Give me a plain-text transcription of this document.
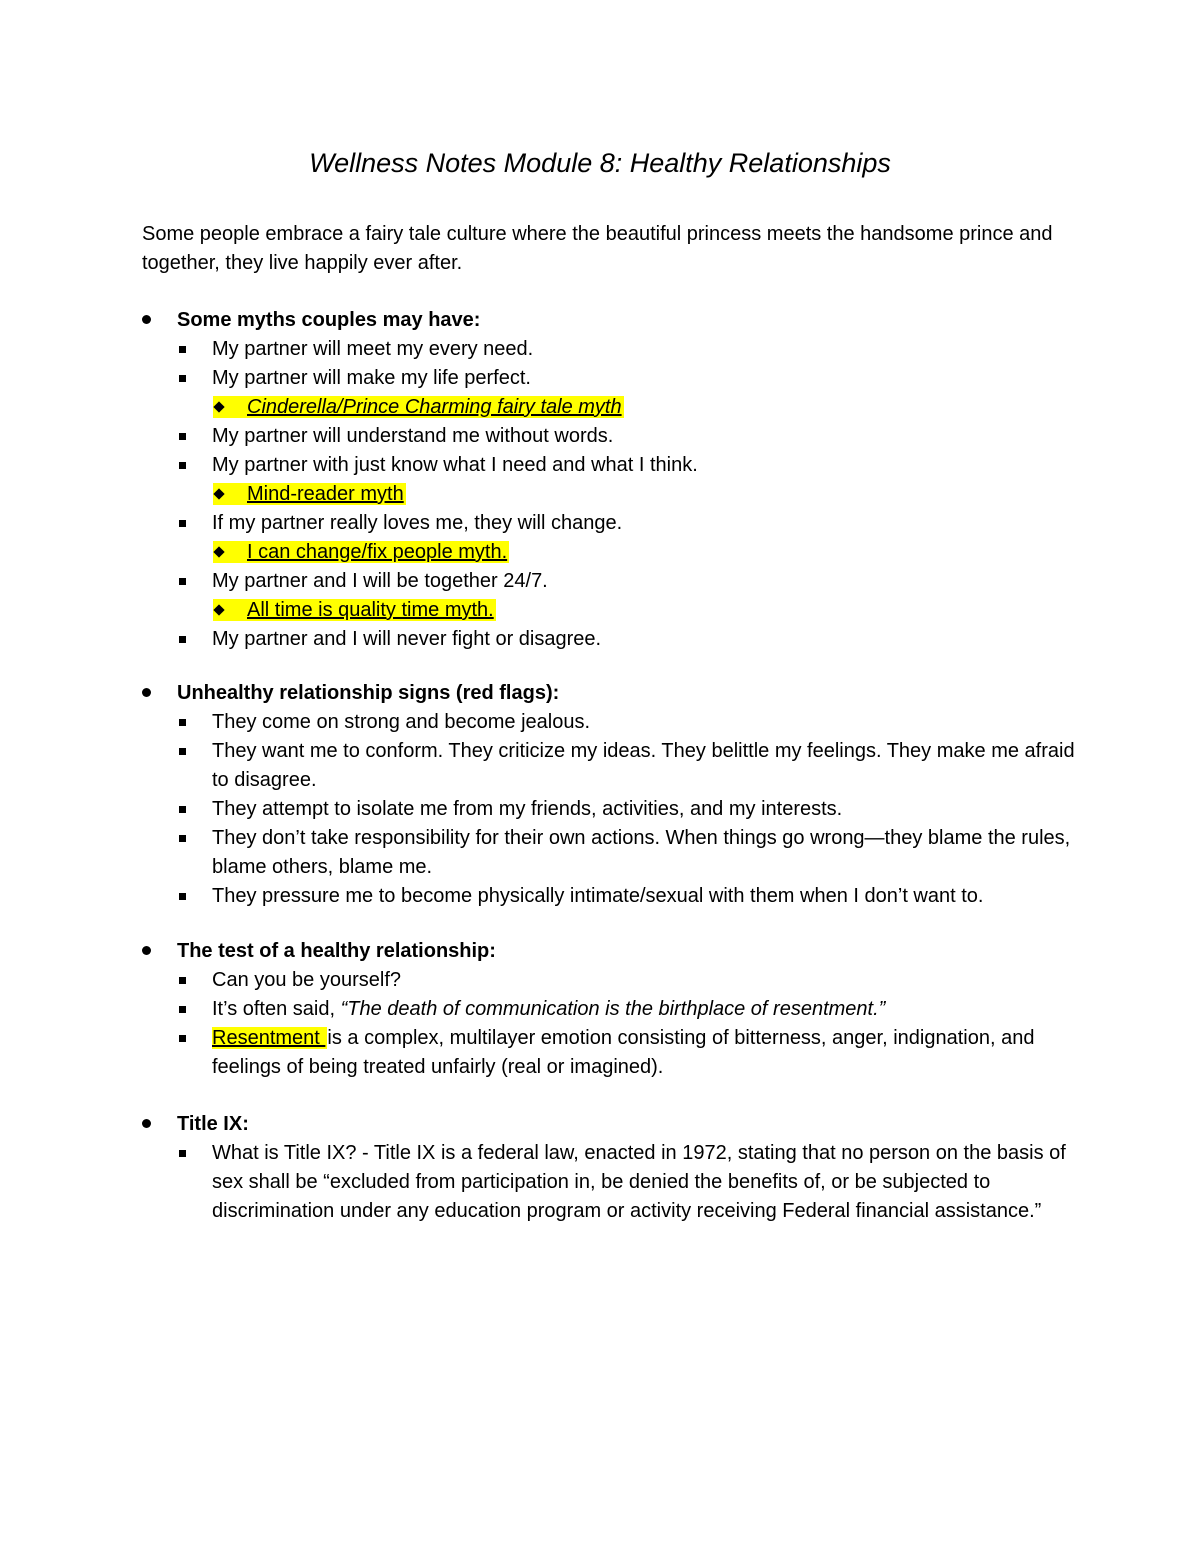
Wellness Notes Module 8: Healthy Relationships
Some people embrace a fairy tale culture where the beautiful princess meets the handsome prince and together, they live happily ever after.
Some myths couples may have:
My partner will meet my every need.
My partner will make my life perfect.
Cinderella/Prince Charming fairy tale myth
My partner will understand me without words.
My partner with just know what I need and what I think.
Mind-reader myth
If my partner really loves me, they will change.
I can change/fix people myth.
My partner and I will be together 24/7.
All time is quality time myth.
My partner and I will never fight or disagree.
Unhealthy relationship signs (red flags):
They come on strong and become jealous.
They want me to conform. They criticize my ideas. They belittle my feelings. They make me afraid to disagree.
They attempt to isolate me from my friends, activities, and my interests.
They don’t take responsibility for their own actions. When things go wrong—they blame the rules, blame others, blame me.
They pressure me to become physically intimate/sexual with them when I don’t want to.
The test of a healthy relationship:
Can you be yourself?
It’s often said, “The death of communication is the birthplace of resentment.”
Resentment is a complex, multilayer emotion consisting of bitterness, anger, indignation, and feelings of being treated unfairly (real or imagined).
Title IX:
What is Title IX? - Title IX is a federal law, enacted in 1972, stating that no person on the basis of sex shall be “excluded from participation in, be denied the benefits of, or be subjected to discrimination under any education program or activity receiving Federal financial assistance.”
